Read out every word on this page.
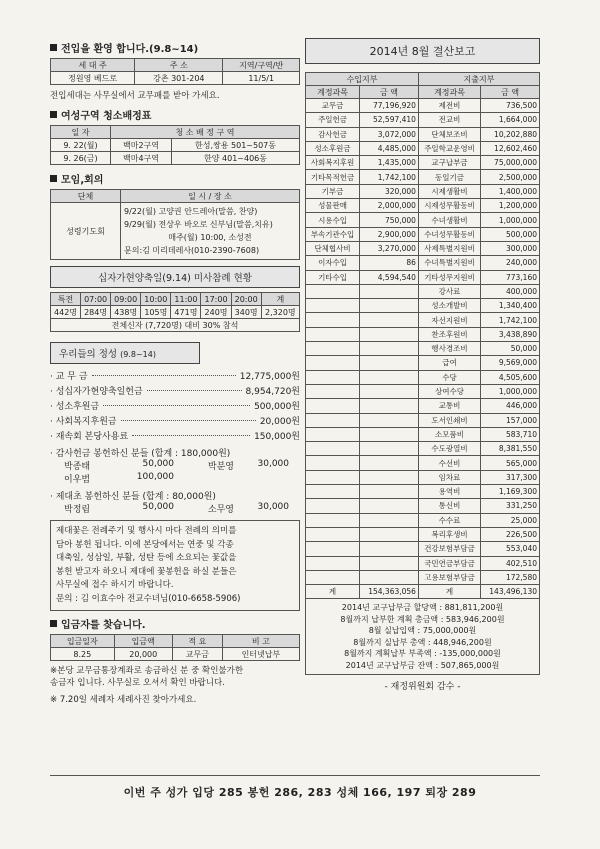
전입을 환영 합니다.(9.8~14)
세 대 주	주 소	지역/구역/반
정원영 베드로	강촌 301-204	11/5/1
전입세대는 사무실에서 교무패를 받아 가세요.
여성구역 청소배정표
일 자	청 소 배 정 구 역	
9. 22(월)	백마2구역	한성,쌍용 501~507동
9. 26(금)	백마4구역	한양 401~406동
모임,회의
단체	일 시 / 장 소
성령기도회	9/22(월) 고양권 안드레아(말씀, 찬양)
9/29(월) 전상우 바오로 신부님(말씀,치유)
매주(월) 10:00, 소성전
문의:김 미리데레사(010-2390-7608)
십자가현양축일(9.14) 미사참례 현황
특전	07:00	09:00	10:00	11:00	17:00	20:00	계
442명	284명	438명	105명	471명	240명	340명	2,320명
전체신자 (7,720명) 대비 30% 참석							
우리들의 정성 (9.8~14)
· 교 무 금	12,775,000원
· 성십자가현양축일헌금	8,954,720원
· 성소후원금	500,000원
· 사회복지후원금	20,000원
· 재속회 본당사용료	150,000원
· 감사헌금 봉헌하신 분들 (합계 : 180,000원)
박종태	50,000	박분영	30,000
이우범	100,000
· 제대초 봉헌하신 분들 (합계 : 80,000원)
박정림	50,000	소무영	30,000
제대꽃은 전례주기 및 행사시 마다 전례의 의미를
담아 봉헌 됩니다. 이에 본당에서는 연중 및 각종
대축일, 성삼일, 부활, 성탄 등에 소요되는 꽃값을
봉헌 받고자 하오니 제대에 꽃봉헌을 하실 분들은
사무실에 접수 하시기 바랍니다.
문의 : 김 이효수아 전교수녀님(010-6658-5906)
입금자를 찾습니다.
입금일자	입금액	적 요	비 고
8.25	20,000	교무금	인터넷납부
※본당 교무금통장계좌로 송금하신 분 중 확인불가한
송금자 입니다. 사무실로 오셔서 확인 바랍니다.
※ 7.20일 세례자 세례사진 찾아가세요.
2014년 8월 결산보고
수입지부		지출지부	
계정과목	금 액	계정과목	금 액
교무금	77,196,920	제전비	736,500
주일헌금	52,597,410	전교비	1,664,000
감사헌금	3,072,000	단체보조비	10,202,880
성소후원금	4,485,000	주일학교운영비	12,602,460
사회복지후원	1,435,000	교구납부금	75,000,000
기타목적헌금	1,742,100	동일기금	2,500,000
기부금	320,000	시제생활비	1,400,000
성물판매	2,000,000	시제성무활동비	1,200,000
시용수입	750,000	수녀생활비	1,000,000
부속기관수입	2,900,000	수녀성무활동비	500,000
단체협사비	3,270,000	사제특별지원비	300,000
이자수입	86	수녀특별지원비	240,000
기타수입	4,594,540	기타성무지원비	773,160
		강사료	400,000
		성소개발비	1,340,400
		자선지원비	1,742,100
		찬조후원비	3,438,890
		행사경조비	50,000
		급여	9,569,000
		수당	4,505,600
		상여수당	1,000,000
		교통비	446,000
		도서인쇄비	157,000
		소모품비	583,710
		수도광열비	8,381,550
		수선비	565,000
		임차료	317,300
		용역비	1,169,300
		통신비	331,250
		수수료	25,000
		복리후생비	226,500
		건강보험부담금	553,040
		국민연금부담금	402,510
		고용보험부담금	172,580
계	154,363,056	계	143,496,130
2014년 교구납부금 할당액 : 881,811,200원
8월까지 납부한 계획 총금액 : 583,946,200원
8월 실납입액 : 75,000,000원
8월까지 실납부 총액 : 448,946,200원
8월까지 계획납부 부족액 : -135,000,000원
2014년 교구납부금 잔액 : 507,865,000원
- 재정위원회 감수 -
이번 주 성가 입당 285 봉헌 286, 283 성체 166, 197 퇴장 289
